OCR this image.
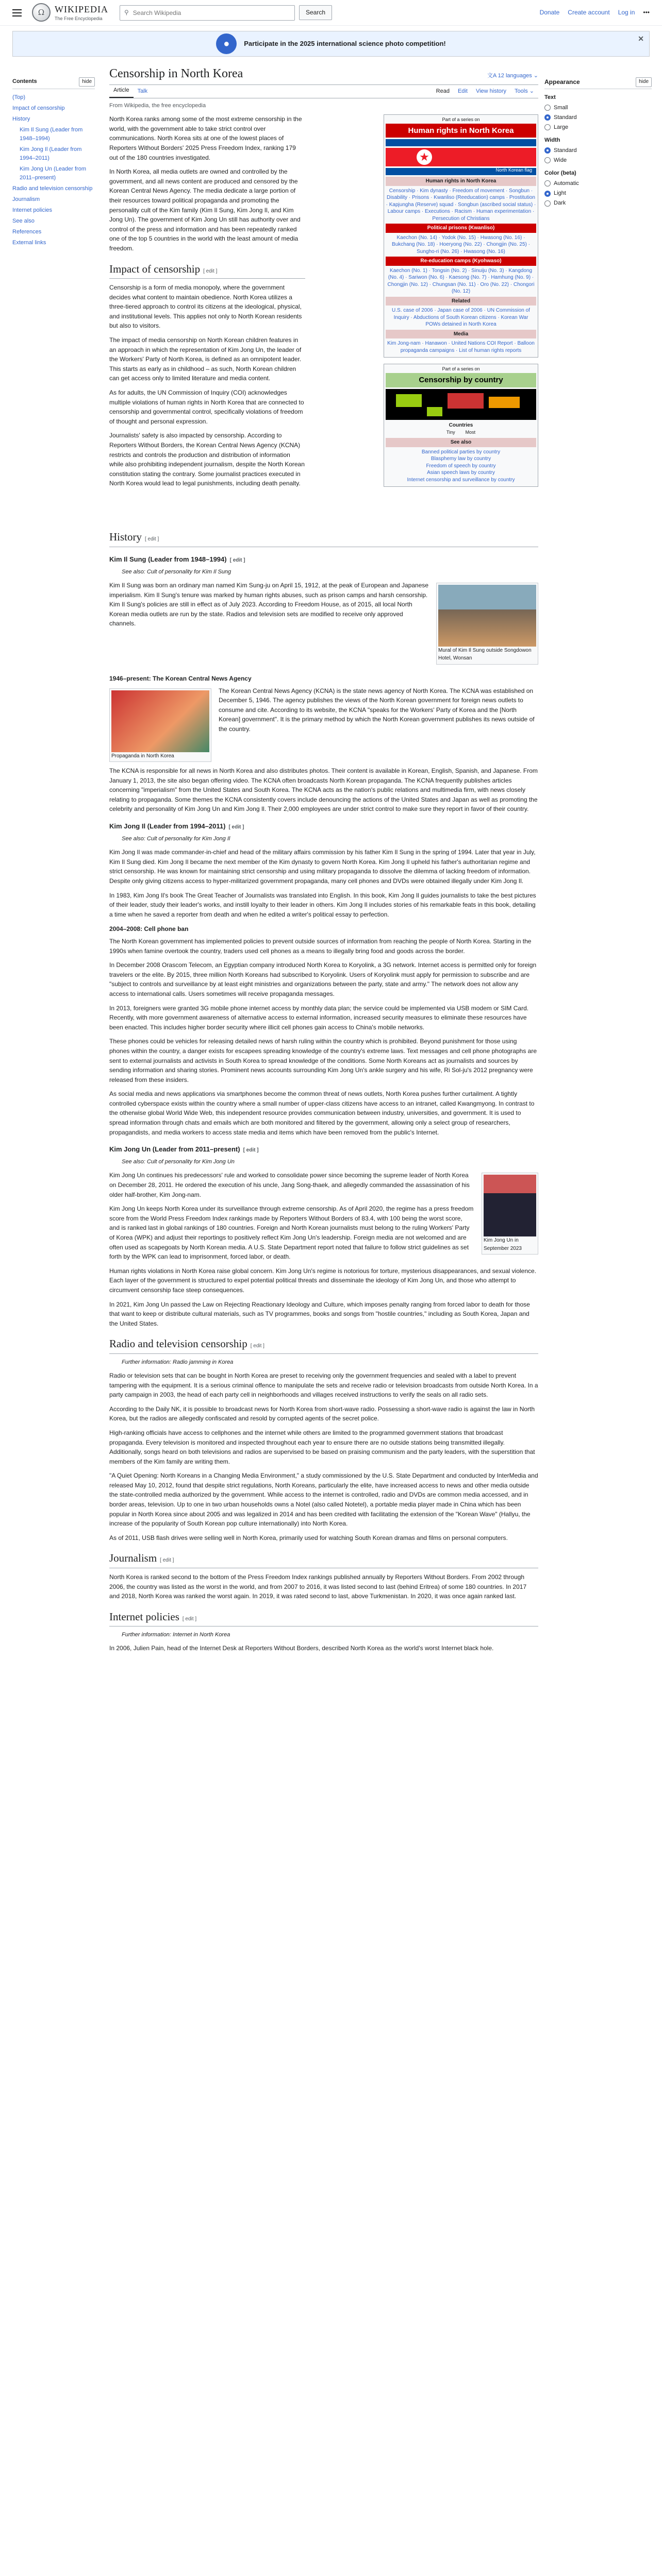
Ω	WIKIPEDIA
The Free Encyclopedia
⚲
Search Wikipedia	Search	Donate Create account Log in •••
●	Participate in the 2025 international science photo competition!
✕
Contents	hide
(Top)
Impact of censorship
History
Kim Il Sung (Leader from 1948–1994)
Kim Jong Il (Leader from 1994–2011)
Kim Jong Un (Leader from 2011–present)
Radio and television censorship
Journalism
Internet policies
See also
References
External links
Censorship in North Korea	文A 12 languages ⌄
Article	Talk	Read	Edit	View history	Tools ⌄
From Wikipedia, the free encyclopedia

North Korea ranks among some of the most extreme censorship in the world, with the government able to take strict control over communications. North Korea sits at one of the lowest places of Reporters Without Borders' 2025 Press Freedom Index, ranking 179 out of the 180 countries investigated.

In North Korea, all media outlets are owned and controlled by the government, and all news content are produced and censored by the Korean Central News Agency. The media dedicate a large portion of their resources toward political propaganda and promoting the personality cult of the Kim family (Kim Il Sung, Kim Jong Il, and Kim Jong Un). The government of Kim Jong Un still has authority over and control of the press and information and has been repeatedly ranked one of the top 5 countries in the world with the least amount of media freedom.

Impact of censorship [ edit ]

Censorship is a form of media monopoly, where the government decides what content to maintain obedience. North Korea utilizes a three-tiered approach to control its citizens at the ideological, physical, and institutional levels. This applies not only to North Korean residents but also to visitors.

The impact of media censorship on North Korean children features in an approach in which the representation of Kim Jong Un, the leader of the Workers' Party of North Korea, is defined as an omnipotent leader. This starts as early as in childhood – as such, North Korean children can get access only to limited literature and media content.

As for adults, the UN Commission of Inquiry (COI) acknowledges multiple violations of human rights in North Korea that are connected to censorship and governmental control, specifically violations of freedom of thought and personal expression.

Journalists' safety is also impacted by censorship. According to Reporters Without Borders, the Korean Central News Agency (KCNA) restricts and controls the production and distribution of information while also prohibiting independent journalism, despite the North Korean constitution stating the contrary. Some journalist practices executed in North Korea would lead to legal punishments, including death penalty.

Part of a series on
Human rights in North Korea
★
North Korean flag
Human rights in North Korea
Censorship · Kim dynasty · Freedom of movement · Songbun · Disability · Prisons · Kwanliso (Reeducation) camps · Prostitution · Kapjungha (Reserve) squad · Songbun (ascribed social status) · Labour camps · Executions · Racism · Human experimentation · Persecution of Christians
Political prisons (Kwanliso)
Kaechon (No. 14) · Yodok (No. 15) · Hwasong (No. 16) · Bukchang (No. 18) · Hoeryong (No. 22) · Chongjin (No. 25) · Sungho-ri (No. 26) · Hwasong (No. 16)
Re-education camps (Kyohwaso)
Kaechon (No. 1) · Tongsin (No. 2) · Sinuiju (No. 3) · Kangdong (No. 4) · Sariwon (No. 6) · Kaesong (No. 7) · Hamhung (No. 9) · Chongjin (No. 12) · Chungsan (No. 11) · Oro (No. 22) · Chongori (No. 12)
Related
U.S. case of 2006 · Japan case of 2006 · UN Commission of Inquiry · Abductions of South Korean citizens · Korean War POWs detained in North Korea
Media
Kim Jong-nam · Hanawon · United Nations COI Report · Balloon propaganda campaigns · List of human rights reports
Part of a series on
Censorship by country
Countries
Tiny Most
See also
Banned political parties by country
Blasphemy law by country
Freedom of speech by country
Asian speech laws by country
Internet censorship and surveillance by country
History [ edit ]
Kim Il Sung (Leader from 1948–1994) [ edit ]
See also: Cult of personality for Kim Il Sung
Mural of Kim Il Sung outside Songdowon Hotel, Wonsan

Kim Il Sung was born an ordinary man named Kim Sung-ju on April 15, 1912, at the peak of European and Japanese imperialism. Kim Il Sung's tenure was marked by human rights abuses, such as prison camps and harsh censorship. Kim Il Sung's policies are still in effect as of July 2023. According to Freedom House, as of 2015, all local North Korean media outlets are run by the state. Radios and television sets are modified to receive only approved channels.

1946–present: The Korean Central News Agency
Propaganda in North Korea

The Korean Central News Agency (KCNA) is the state news agency of North Korea. The KCNA was established on December 5, 1946. The agency publishes the views of the North Korean government for foreign news outlets to consume and cite. According to its website, the KCNA "speaks for the Workers' Party of Korea and the [North Korean] government". It is the primary method by which the North Korean government publishes its news outside of the country.

The KCNA is responsible for all news in North Korea and also distributes photos. Their content is available in Korean, English, Spanish, and Japanese. From January 1, 2013, the site also began offering video. The KCNA often broadcasts North Korean propaganda. The KCNA frequently publishes articles concerning "imperialism" from the United States and South Korea. The KCNA acts as the nation's public relations and multimedia firm, with news closely relating to propaganda. Some themes the KCNA consistently covers include denouncing the actions of the United States and Japan as well as promoting the celebrity and personality of Kim Jong Un and Kim Jong Il. Their 2,000 employees are under strict control to make sure they report in favor of their country.

Kim Jong Il (Leader from 1994–2011) [ edit ]
See also: Cult of personality for Kim Jong Il

Kim Jong Il was made commander-in-chief and head of the military affairs commission by his father Kim Il Sung in the spring of 1994. Later that year in July, Kim Il Sung died. Kim Jong Il became the next member of the Kim dynasty to govern North Korea. Kim Jong Il upheld his father's authoritarian regime and strict censorship. He was known for maintaining strict censorship and using military propaganda to dissolve the dilemma of lacking freedom of information. Despite only giving citizens access to hyper-militarized government propaganda, many cell phones and DVDs were obtained illegally under Kim Jong Il.

In 1983, Kim Jong Il's book The Great Teacher of Journalists was translated into English. In this book, Kim Jong Il guides journalists to take the best pictures of their leader, study their leader's works, and instill loyalty to their leader in others. Kim Jong Il includes stories of his remarkable feats in this book, detailing a time when he saved a reporter from death and when he edited a writer's political essay to perfection.

2004–2008: Cell phone ban

The North Korean government has implemented policies to prevent outside sources of information from reaching the people of North Korea. Starting in the 1990s when famine overtook the country, traders used cell phones as a means to illegally bring food and goods across the border.

In December 2008 Orascom Telecom, an Egyptian company introduced North Korea to Koryolink, a 3G network. Internet access is permitted only for foreign travelers or the elite. By 2015, three million North Koreans had subscribed to Koryolink. Users of Koryolink must apply for permission to subscribe and are "subject to controls and surveillance by at least eight ministries and organizations between the party, state and army." The network does not allow any access to international calls. Users sometimes will receive propaganda messages.

In 2013, foreigners were granted 3G mobile phone internet access by monthly data plan; the service could be implemented via USB modem or SIM Card. Recently, with more government awareness of alternative access to external information, increased security measures to eliminate these resources have been enacted. This includes higher border security where illicit cell phones gain access to China's mobile networks.

These phones could be vehicles for releasing detailed news of harsh ruling within the country which is prohibited. Beyond punishment for those using phones within the country, a danger exists for escapees spreading knowledge of the country's extreme laws. Text messages and cell phone photographs are sent to external journalists and activists in South Korea to spread knowledge of the conditions. Some North Koreans act as journalists and sources by sending information and sharing stories. Prominent news accounts surrounding Kim Jong Un's ankle surgery and his wife, Ri Sol-ju's 2012 pregnancy were released from these insiders.

As social media and news applications via smartphones become the common threat of news outlets, North Korea pushes further curtailment. A tightly controlled cyberspace exists within the country where a small number of upper-class citizens have access to an intranet, called Kwangmyong. In contrast to the otherwise global World Wide Web, this independent resource provides communication between industry, universities, and government. It is used to spread information through chats and emails which are both monitored and filtered by the government, allowing only a select group of researchers, propagandists, and media workers to access state media and items which have been removed from the public's Internet.

Kim Jong Un (Leader from 2011–present) [ edit ]
See also: Cult of personality for Kim Jong Un
Kim Jong Un in September 2023

Kim Jong Un continues his predecessors' rule and worked to consolidate power since becoming the supreme leader of North Korea on December 28, 2011. He ordered the execution of his uncle, Jang Song-thaek, and allegedly commanded the assassination of his older half-brother, Kim Jong-nam.

Kim Jong Un keeps North Korea under its surveillance through extreme censorship. As of April 2020, the regime has a press freedom score from the World Press Freedom Index rankings made by Reporters Without Borders of 83.4, with 100 being the worst score, and is ranked last in global rankings of 180 countries. Foreign and North Korean journalists must belong to the ruling Workers' Party of Korea (WPK) and adjust their reportings to positively reflect Kim Jong Un's leadership. Foreign media are not welcomed and are often used as scapegoats by North Korean media. A U.S. State Department report noted that failure to follow strict guidelines as set forth by the WPK can lead to imprisonment, forced labor, or death.

Human rights violations in North Korea raise global concern. Kim Jong Un's regime is notorious for torture, mysterious disappearances, and sexual violence. Each layer of the government is structured to expel potential political threats and disseminate the ideology of Kim Jong Un, and those who attempt to circumvent censorship face steep consequences.

In 2021, Kim Jong Un passed the Law on Rejecting Reactionary Ideology and Culture, which imposes penalty ranging from forced labor to death for those that want to keep or distribute cultural materials, such as TV programmes, books and songs from "hostile countries," including as South Korea, Japan and the United States.

Radio and television censorship [ edit ]
Further information: Radio jamming in Korea

Radio or television sets that can be bought in North Korea are preset to receiving only the government frequencies and sealed with a label to prevent tampering with the equipment. It is a serious criminal offence to manipulate the sets and receive radio or television broadcasts from outside North Korea. In a party campaign in 2003, the head of each party cell in neighborhoods and villages received instructions to verify the seals on all radio sets.

According to the Daily NK, it is possible to broadcast news for North Korea from short-wave radio. Possessing a short-wave radio is against the law in North Korea, but the radios are allegedly confiscated and resold by corrupted agents of the secret police.

High-ranking officials have access to cellphones and the internet while others are limited to the programmed government stations that broadcast propaganda. Every television is monitored and inspected throughout each year to ensure there are no outside stations being transmitted illegally. Additionally, songs heard on both televisions and radios are supervised to be based on praising communism and the party leaders, with the superstition that members of the Kim family are writing them.

"A Quiet Opening: North Koreans in a Changing Media Environment," a study commissioned by the U.S. State Department and conducted by InterMedia and released May 10, 2012, found that despite strict regulations, North Koreans, particularly the elite, have increased access to news and other media outside the state-controlled media authorized by the government. While access to the internet is controlled, radio and DVDs are common media accessed, and in border areas, television. Up to one in two urban households owns a Notel (also called Notetel), a portable media player made in China which has been popular in North Korea since about 2005 and was legalized in 2014 and has been credited with facilitating the extension of the "Korean Wave" (Hallyu, the increase of the popularity of South Korean pop culture internationally) into North Korea.

As of 2011, USB flash drives were selling well in North Korea, primarily used for watching South Korean dramas and films on personal computers.

Journalism [ edit ]

North Korea is ranked second to the bottom of the Press Freedom Index rankings published annually by Reporters Without Borders. From 2002 through 2006, the country was listed as the worst in the world, and from 2007 to 2016, it was listed second to last (behind Eritrea) of some 180 countries. In 2017 and 2018, North Korea was ranked the worst again. In 2019, it was rated second to last, above Turkmenistan. In 2020, it was once again ranked last.

Internet policies [ edit ]
Further information: Internet in North Korea

In 2006, Julien Pain, head of the Internet Desk at Reporters Without Borders, described North Korea as the world's worst Internet black hole.

Appearance	hide
Text
Small
Standard
Large
Width
Standard
Wide
Color (beta)
Automatic
Light
Dark
